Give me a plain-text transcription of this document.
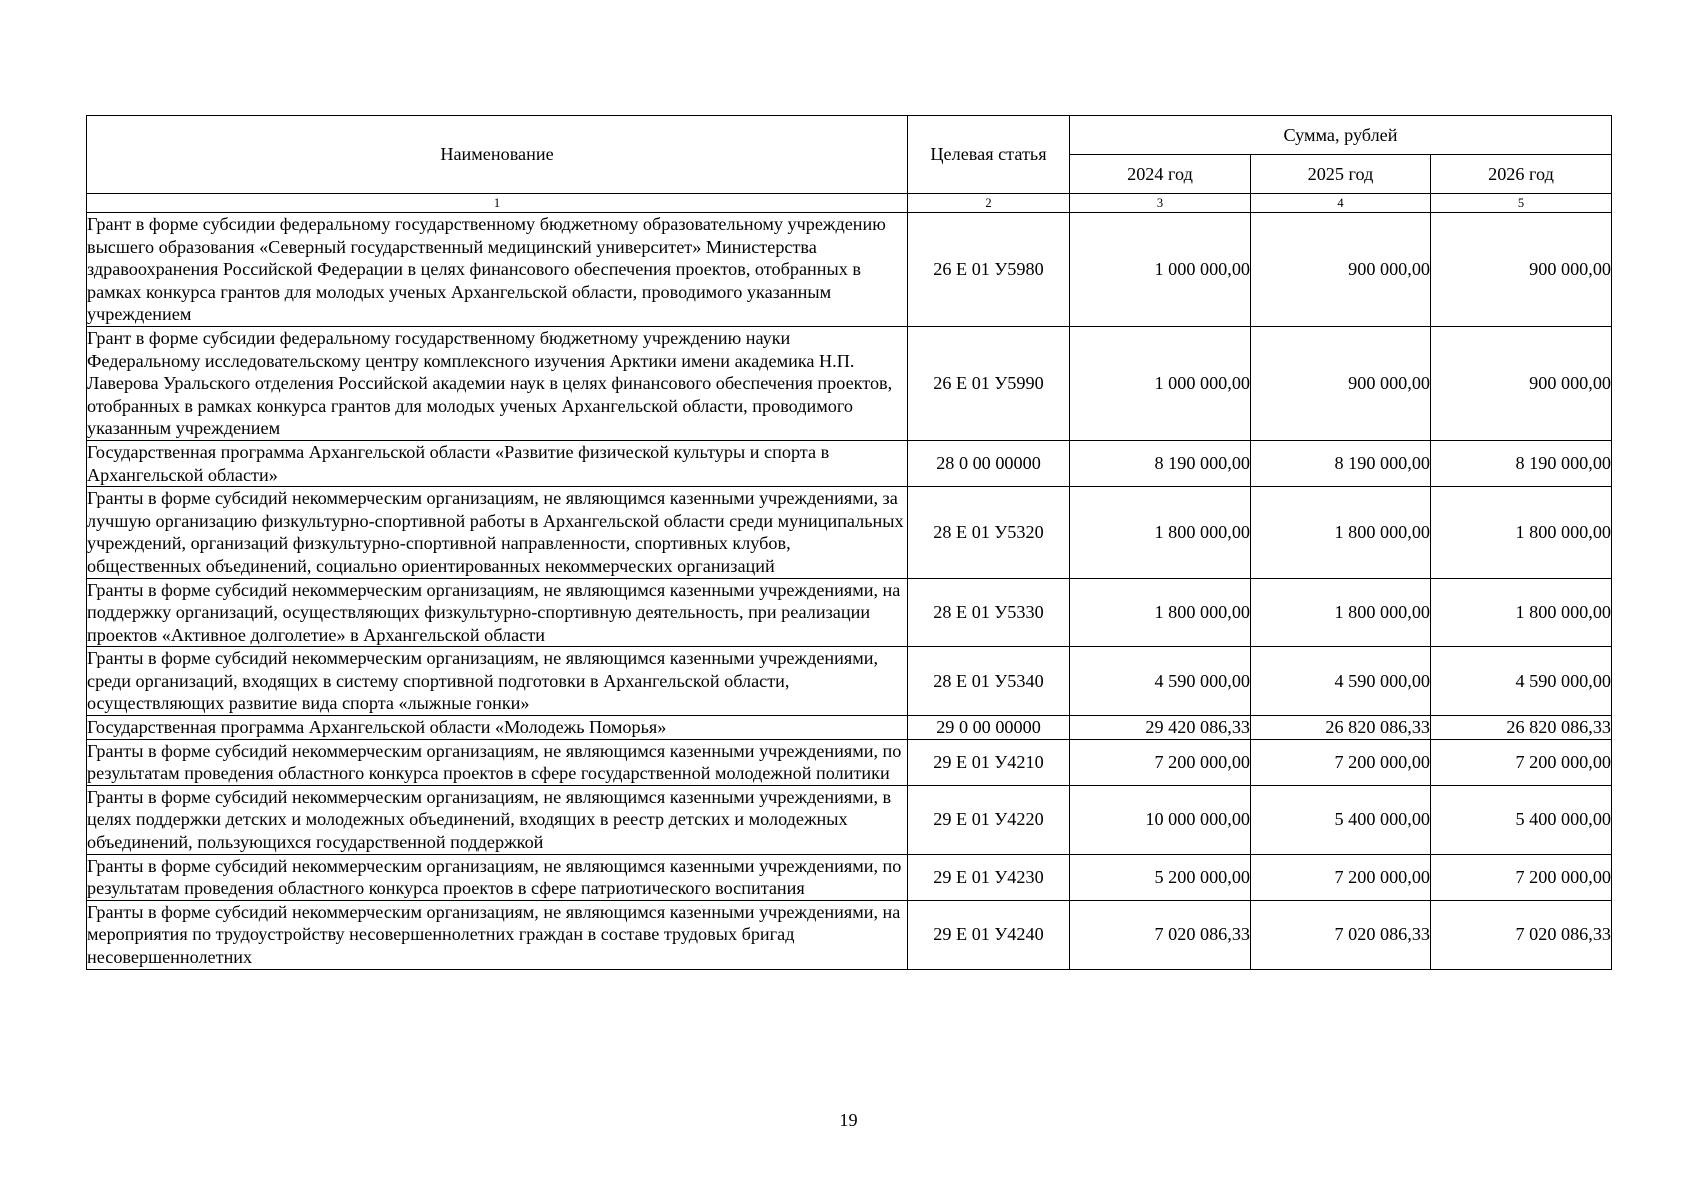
Наименование	Целевая статья	Сумма, рублей		
		2024 год	2025 год	2026 год
1	2	3	4	5
Грант в форме субсидии федеральному государственному бюджетному образовательному учреждению высшего образования «Северный государственный медицинский университет» Министерства здравоохранения Российской Федерации в целях финансового обеспечения проектов, отобранных в рамках конкурса грантов для молодых ученых Архангельской области, проводимого указанным учреждением	26 Е 01 У5980	1 000 000,00	900 000,00	900 000,00
Грант в форме субсидии федеральному государственному бюджетному учреждению науки Федеральному исследовательскому центру комплексного изучения Арктики имени академика Н.П. Лаверова Уральского отделения Российской академии наук в целях финансового обеспечения проектов, отобранных в рамках конкурса грантов для молодых ученых Архангельской области, проводимого указанным учреждением	26 Е 01 У5990	1 000 000,00	900 000,00	900 000,00
Государственная программа Архангельской области «Развитие физической культуры и спорта в Архангельской области»	28 0 00 00000	8 190 000,00	8 190 000,00	8 190 000,00
Гранты в форме субсидий некоммерческим организациям, не являющимся казенными учреждениями, за лучшую организацию физкультурно-спортивной работы в Архангельской области среди муниципальных учреждений, организаций физкультурно-спортивной направленности, спортивных клубов, общественных объединений, социально ориентированных некоммерческих организаций	28 Е 01 У5320	1 800 000,00	1 800 000,00	1 800 000,00
Гранты в форме субсидий некоммерческим организациям, не являющимся казенными учреждениями, на поддержку организаций, осуществляющих физкультурно-спортивную деятельность, при реализации проектов «Активное долголетие» в Архангельской области	28 Е 01 У5330	1 800 000,00	1 800 000,00	1 800 000,00
Гранты в форме субсидий некоммерческим организациям, не являющимся казенными учреждениями, среди организаций, входящих в систему спортивной подготовки в Архангельской области, осуществляющих развитие вида спорта «лыжные гонки»	28 Е 01 У5340	4 590 000,00	4 590 000,00	4 590 000,00
Государственная программа Архангельской области «Молодежь Поморья»	29 0 00 00000	29 420 086,33	26 820 086,33	26 820 086,33
Гранты в форме субсидий некоммерческим организациям, не являющимся казенными учреждениями, по результатам проведения областного конкурса проектов в сфере государственной молодежной политики	29 Е 01 У4210	7 200 000,00	7 200 000,00	7 200 000,00
Гранты в форме субсидий некоммерческим организациям, не являющимся казенными учреждениями, в целях поддержки детских и молодежных объединений, входящих в реестр детских и молодежных объединений, пользующихся государственной поддержкой	29 Е 01 У4220	10 000 000,00	5 400 000,00	5 400 000,00
Гранты в форме субсидий некоммерческим организациям, не являющимся казенными учреждениями, по результатам проведения областного конкурса проектов в сфере патриотического воспитания	29 Е 01 У4230	5 200 000,00	7 200 000,00	7 200 000,00
Гранты в форме субсидий некоммерческим организациям, не являющимся казенными учреждениями, на мероприятия по трудоустройству несовершеннолетних граждан в составе трудовых бригад несовершеннолетних	29 Е 01 У4240	7 020 086,33	7 020 086,33	7 020 086,33
19
